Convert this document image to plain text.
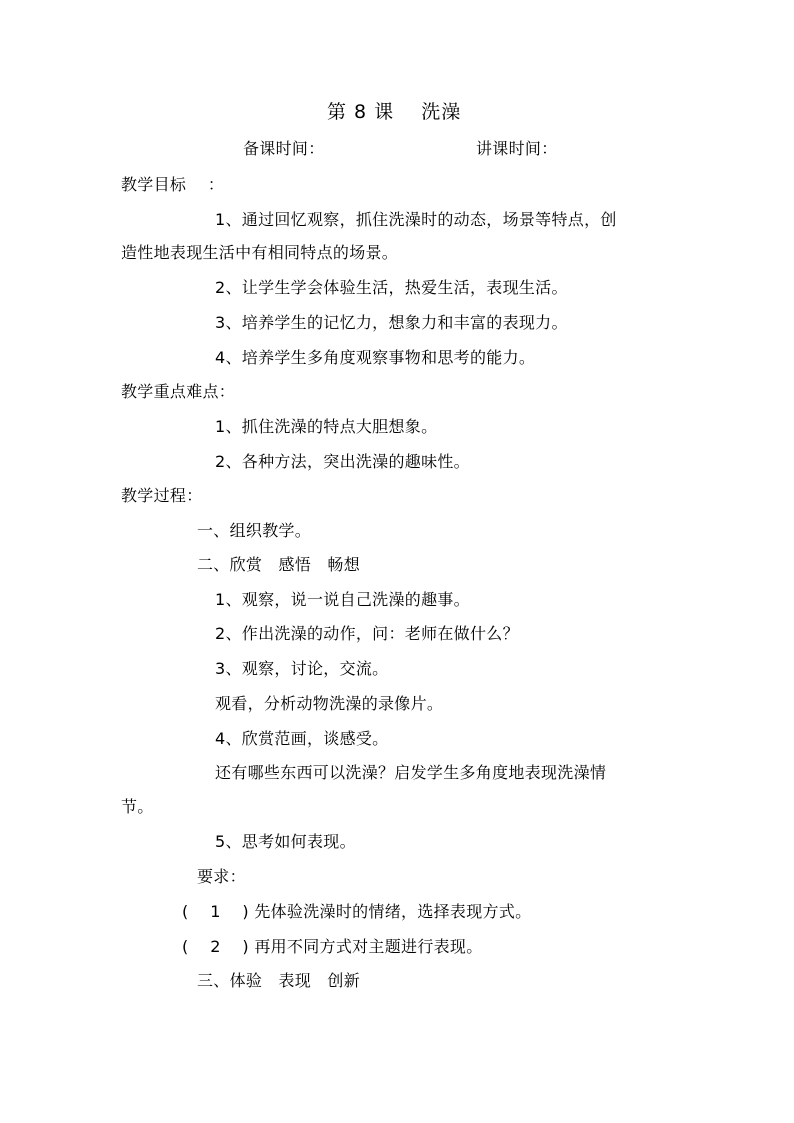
第 8 课　 洗澡
备课时间：	讲课时间：
教学目标　 ：
1、通过回忆观察，抓住洗澡时的动态，场景等特点，创
造性地表现生活中有相同特点的场景。
2、让学生学会体验生活，热爱生活，表现生活。
3、培养学生的记忆力，想象力和丰富的表现力。
4、培养学生多角度观察事物和思考的能力。
教学重点难点：
1、抓住洗澡的特点大胆想象。
2、各种方法，突出洗澡的趣味性。
教学过程：
一、组织教学。
二、欣赏　感悟　畅想
1、观察，说一说自己洗澡的趣事。
2、作出洗澡的动作，问：老师在做什么？
3、观察，讨论，交流。
观看，分析动物洗澡的录像片。
4、欣赏范画，谈感受。
还有哪些东西可以洗澡？启发学生多角度地表现洗澡情
节。
5、思考如何表现。
要求：
(　 1　 ) 先体验洗澡时的情绪，选择表现方式。
(　 2　 ) 再用不同方式对主题进行表现。
三、体验　表现　创新
